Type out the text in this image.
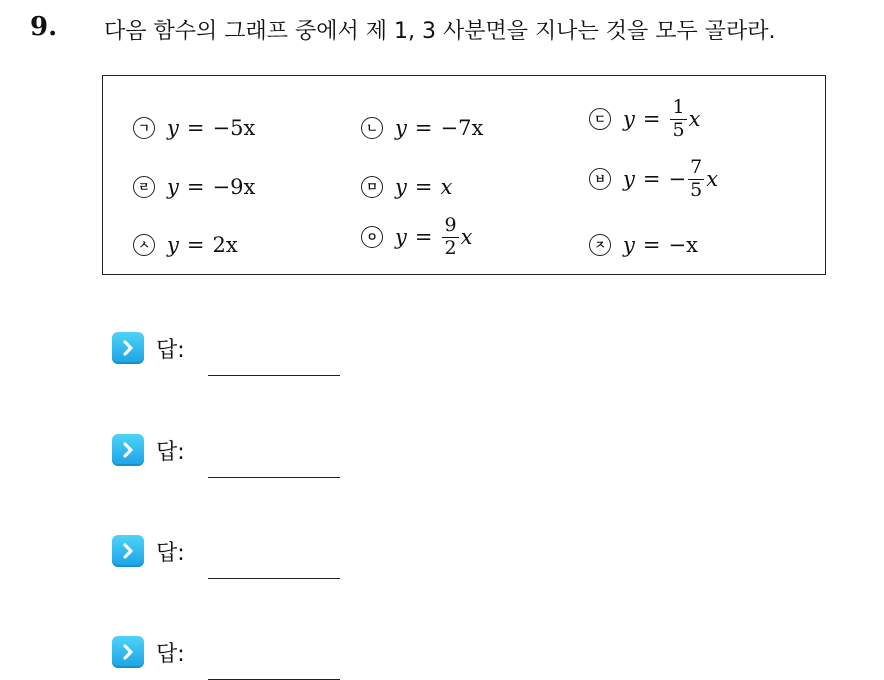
9. 다음 함수의 그래프 중에서 제 1, 3 사분면을 지나는 것을 모두 골라라.
ㄱ y = −5x	ㄴ y = −7x	ㄷ $y = \frac{1}{5}$ x
ㄹ y = −9x	ㅁ y = x	ㅂ y = − $\frac{7}{5}$ x
ㅅ y = 2x	ㅇ $y = \frac{9}{2}$ x	ㅈ y = −x
답:
답:
답:
답:
